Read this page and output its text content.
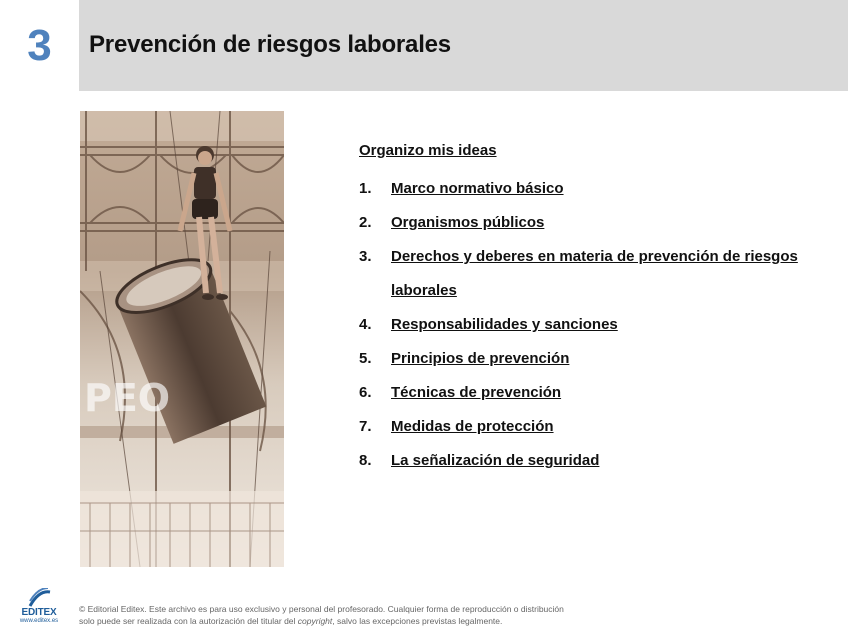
3	Prevención de riesgos laborales
PEO

Organizo mis ideas

1.	Marco normativo básico
2.	Organismos públicos
3.	Derechos y deberes en materia de prevención de riesgos laborales
4.	Responsabilidades y sanciones
5.	Principios de prevención
6.	Técnicas de prevención
7.	Medidas de protección
8.	La señalización de seguridad
EDITEX
www.editex.es
© Editorial Editex. Este archivo es para uso exclusivo y personal del profesorado. Cualquier forma de reproducción o distribución
solo puede ser realizada con la autorización del titular del copyright, salvo las excepciones previstas legalmente.
